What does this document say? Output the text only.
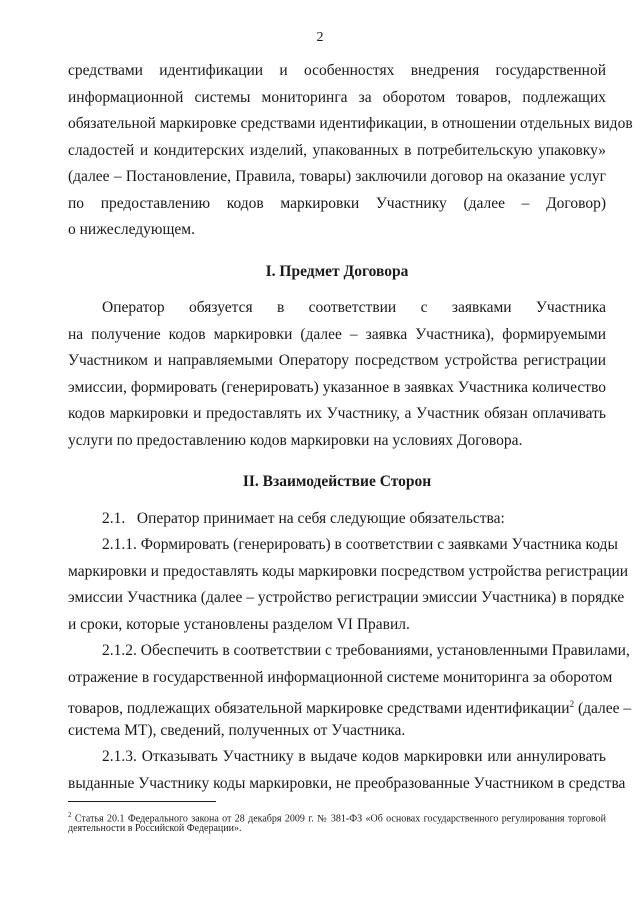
2
средствами идентификации и особенностях внедрения государственной
информационной системы мониторинга за оборотом товаров, подлежащих
обязательной маркировке средствами идентификации, в отношении отдельных видов
сладостей и кондитерских изделий, упакованных в потребительскую упаковку»
(далее – Постановление, Правила, товары) заключили договор на оказание услуг
по предоставлению кодов маркировки Участнику (далее – Договор)
о нижеследующем.
I. Предмет Договора
Оператор обязуется в соответствии с заявками Участника
на получение кодов маркировки (далее – заявка Участника), формируемыми
Участником и направляемыми Оператору посредством устройства регистрации
эмиссии, формировать (генерировать) указанное в заявках Участника количество
кодов маркировки и предоставлять их Участнику, а Участник обязан оплачивать
услуги по предоставлению кодов маркировки на условиях Договора.
II. Взаимодействие Сторон
2.1.   Оператор принимает на себя следующие обязательства:
2.1.1. Формировать (генерировать) в соответствии с заявками Участника коды
маркировки и предоставлять коды маркировки посредством устройства регистрации
эмиссии Участника (далее – устройство регистрации эмиссии Участника) в порядке
и сроки, которые установлены разделом VI Правил.
2.1.2. Обеспечить в соответствии с требованиями, установленными Правилами,
отражение в государственной информационной системе мониторинга за оборотом
товаров, подлежащих обязательной маркировке средствами идентификации$^2$ (далее –
система МТ), сведений, полученных от Участника.
2.1.3. Отказывать Участнику в выдаче кодов маркировки или аннулировать
выданные Участнику коды маркировки, не преобразованные Участником в средства
$^2$ Статья 20.1 Федерального закона от 28 декабря 2009 г. № 381-ФЗ «Об основах государственного регулирования торговой
деятельности в Российской Федерации».
